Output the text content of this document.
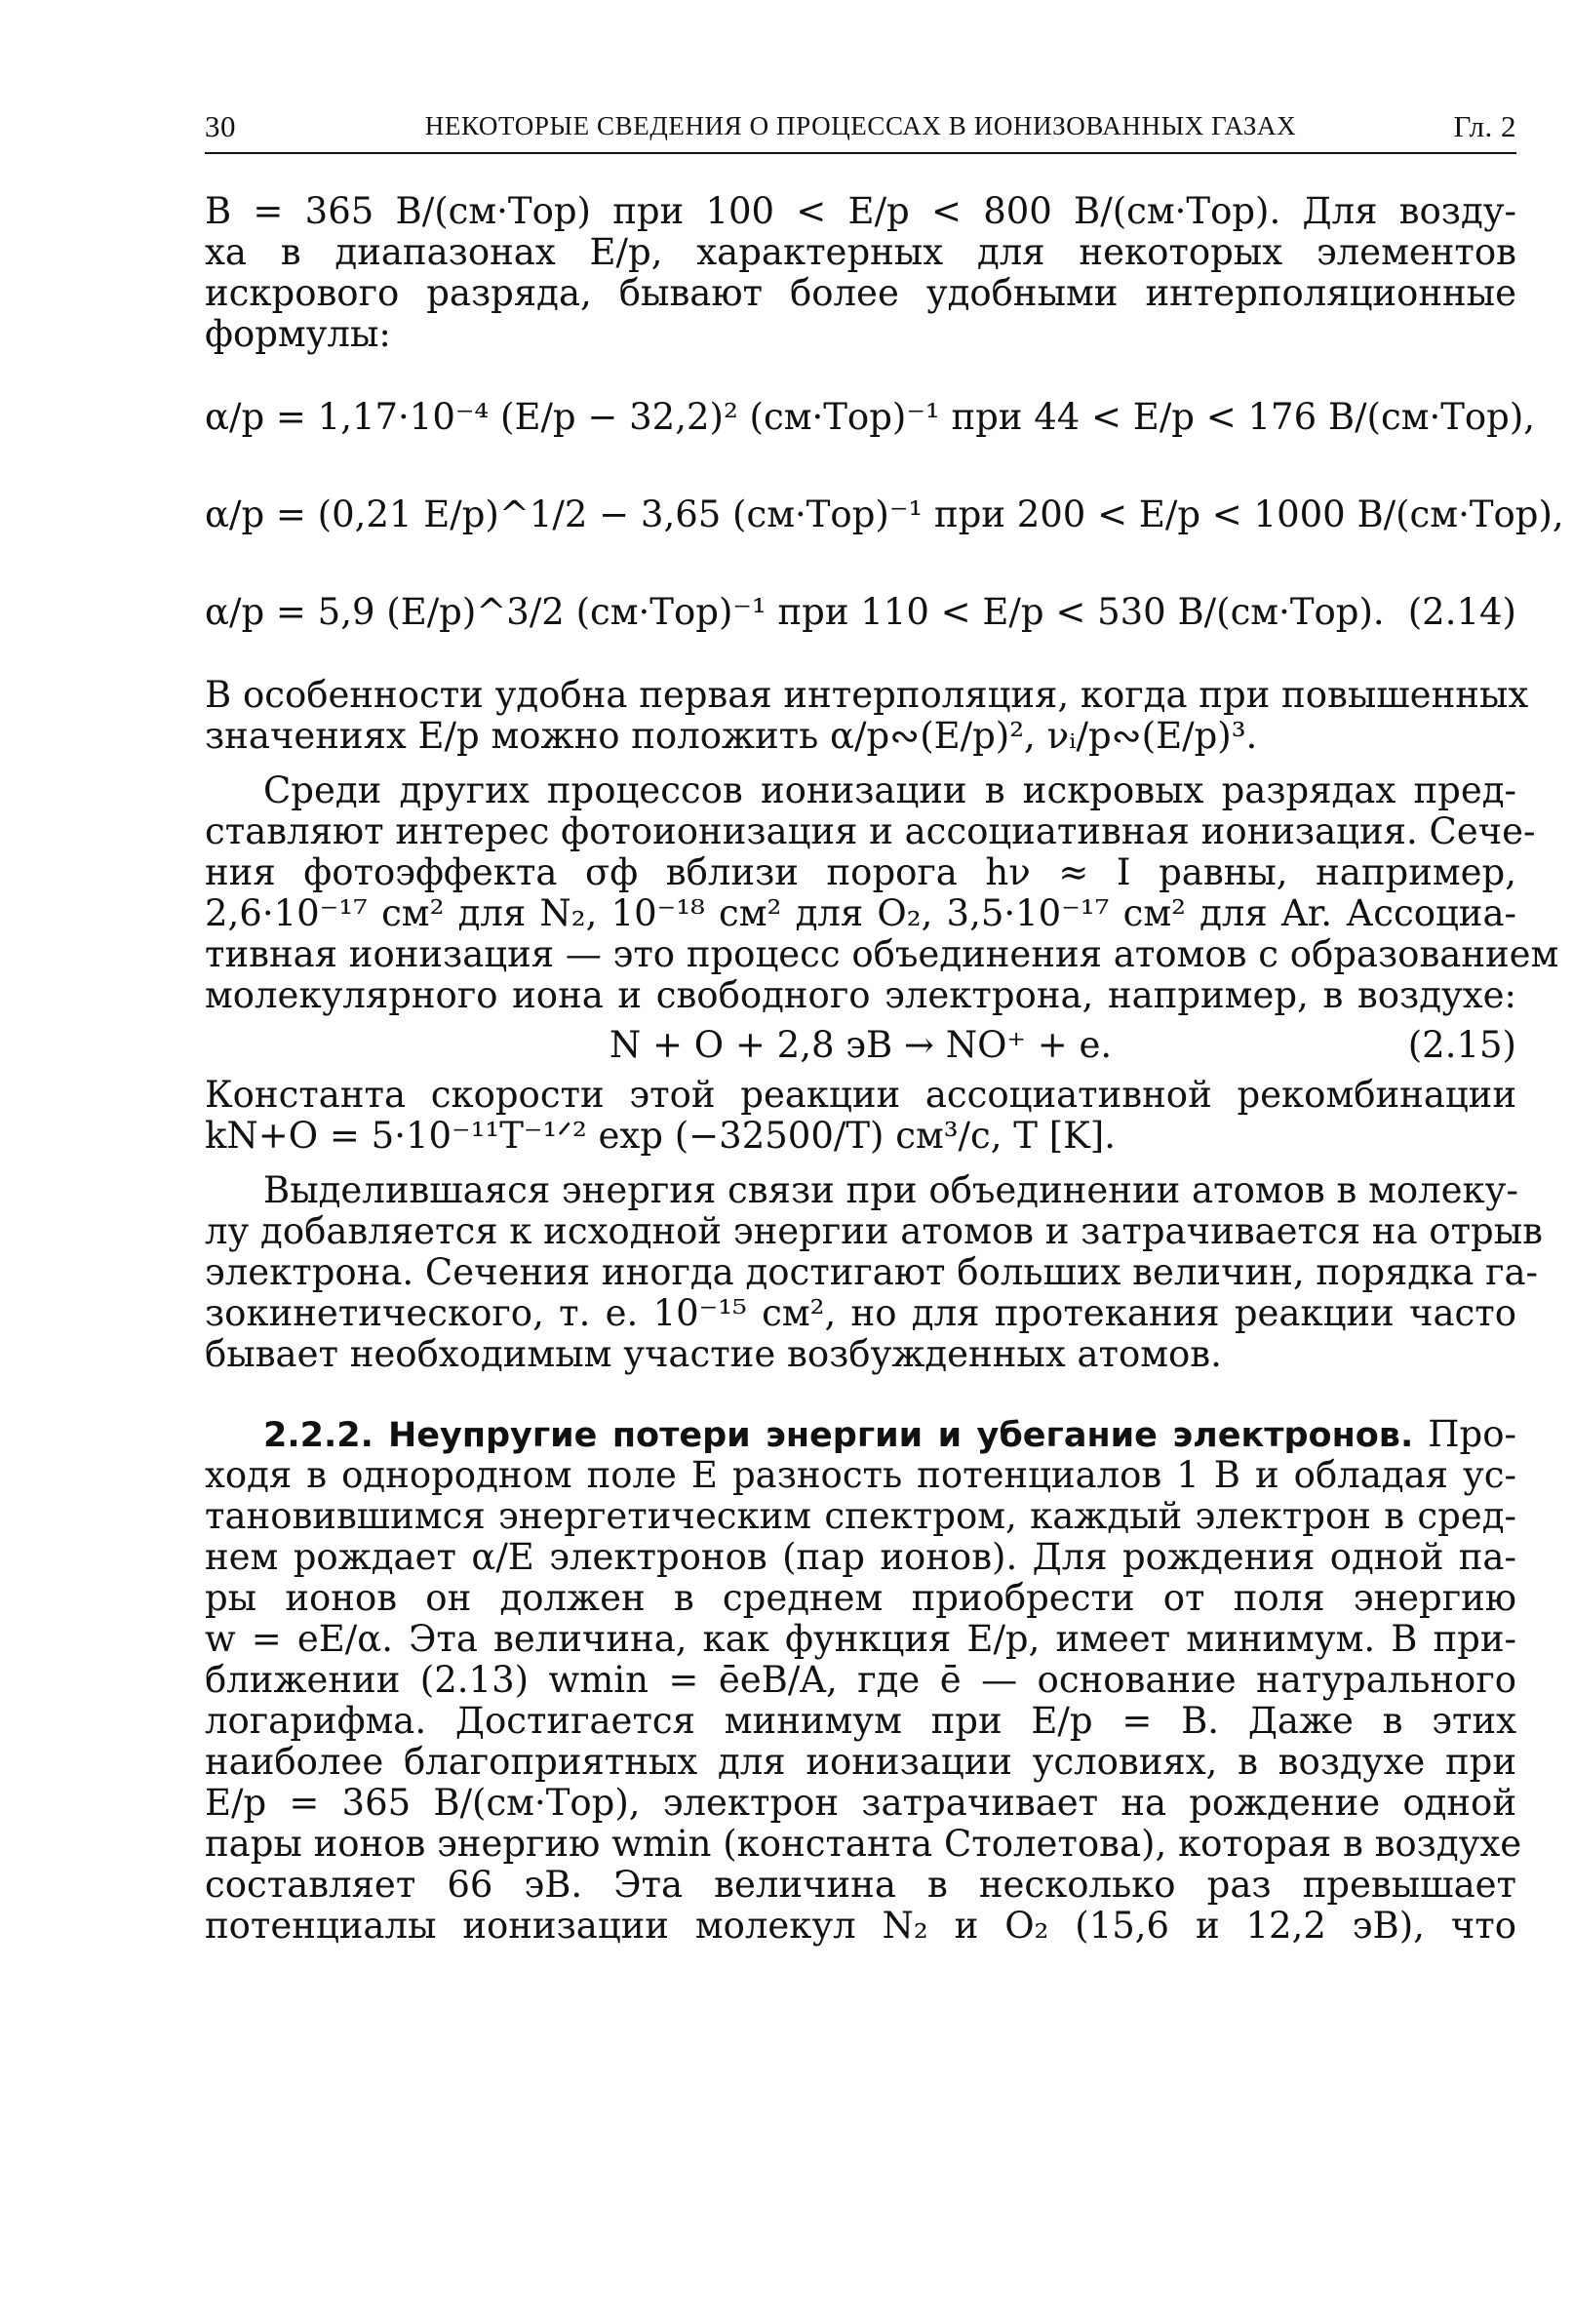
30	НЕКОТОРЫЕ СВЕДЕНИЯ О ПРОЦЕССАХ В ИОНИЗОВАННЫХ ГАЗАХ	Гл. 2
B = 365 В/(см·Тор) при 100 < E/p < 800 В/(см·Тор). Для возду-
ха в диапазонах E/p, характерных для некоторых элементов
искрового разряда, бывают более удобными интерполяционные
формулы:
α/p = 1,17·10⁻⁴ (E/p − 32,2)² (см·Тор)⁻¹ при 44 < E/p < 176 В/(см·Тор),
α/p = (0,21 E/p)^1/2 − 3,65 (см·Тор)⁻¹ при 200 < E/p < 1000 В/(см·Тор),
α/p = 5,9 (E/p)^3/2 (см·Тор)⁻¹ при 110 < E/p < 530 В/(см·Тор). (2.14)
В особенности удобна первая интерполяция, когда при повышенных
значениях E/p можно положить α/p∾(E/p)², νᵢ/p∾(E/p)³.
Среди других процессов ионизации в искровых разрядах пред-
ставляют интерес фотоионизация и ассоциативная ионизация. Сече-
ния фотоэффекта σф вблизи порога hν ≈ I равны, например,
2,6·10⁻¹⁷ см² для N₂, 10⁻¹⁸ см² для O₂, 3,5·10⁻¹⁷ см² для Ar. Ассоциа-
тивная ионизация — это процесс объединения атомов с образованием
молекулярного иона и свободного электрона, например, в воздухе:
N + O + 2,8 эВ → NO⁺ + e.	(2.15)
Константа скорости этой реакции ассоциативной рекомбинации
kN+O = 5·10⁻¹¹T⁻¹ᐟ² exp (−32500/T) см³/с, T [K].
Выделившаяся энергия связи при объединении атомов в молеку-
лу добавляется к исходной энергии атомов и затрачивается на отрыв
электрона. Сечения иногда достигают больших величин, порядка га-
зокинетического, т. е. 10⁻¹⁵ см², но для протекания реакции часто
бывает необходимым участие возбужденных атомов.
2.2.2. Неупругие потери энергии и убегание электронов. Про-
ходя в однородном поле E разность потенциалов 1 В и обладая ус-
тановившимся энергетическим спектром, каждый электрон в сред-
нем рождает α/E электронов (пар ионов). Для рождения одной па-
ры ионов он должен в среднем приобрести от поля энергию
w = eE/α. Эта величина, как функция E/p, имеет минимум. В при-
ближении (2.13) wmin = ēeB/A, где ē — основание натурального
логарифма. Достигается минимум при E/p = B. Даже в этих
наиболее благоприятных для ионизации условиях, в воздухе при
E/p = 365 В/(см·Тор), электрон затрачивает на рождение одной
пары ионов энергию wmin (константа Столетова), которая в воздухе
составляет 66 эВ. Эта величина в несколько раз превышает
потенциалы ионизации молекул N₂ и O₂ (15,6 и 12,2 эВ), что
